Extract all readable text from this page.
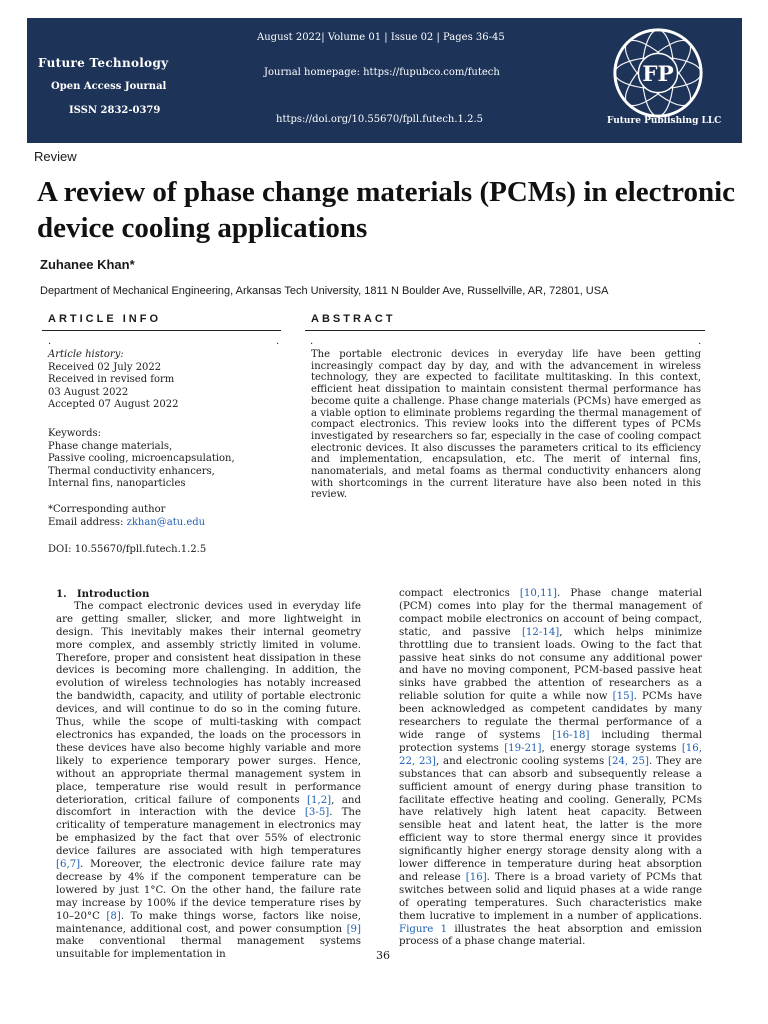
Future Technology
Open Access Journal
ISSN 2832-0379
August 2022| Volume 01 | Issue 02 | Pages 36-45
Journal homepage: https://fupubco.com/futech
https://doi.org/10.55670/fpll.futech.1.2.5
FP
Future Publishing LLC
Review
A review of phase change materials (PCMs) in electronic device cooling applications
Zuhanee Khan*
Department of Mechanical Engineering, Arkansas Tech University, 1811 N Boulder Ave, Russellville, AR, 72801, USA
ARTICLE INFO	ABSTRACT
.	.	.	.
Article history:
Received 02 July 2022
Received in revised form
03 August 2022
Accepted 07 August 2022
Keywords:
Phase change materials,
Passive cooling, microencapsulation,
Thermal conductivity enhancers,
Internal fins, nanoparticles
*Corresponding author
Email address: zkhan@atu.edu
DOI: 10.55670/fpll.futech.1.2.5
The portable electronic devices in everyday life have been getting increasingly compact day by day, and with the advancement in wireless technology, they are expected to facilitate multitasking. In this context, efficient heat dissipation to maintain consistent thermal performance has become quite a challenge. Phase change materials (PCMs) have emerged as a viable option to eliminate problems regarding the thermal management of compact electronics. This review looks into the different types of PCMs investigated by researchers so far, especially in the case of cooling compact electronic devices. It also discusses the parameters critical to its efficiency and implementation, encapsulation, etc. The merit of internal fins, nanomaterials, and metal foams as thermal conductivity enhancers along with shortcomings in the current literature have also been noted in this review.
1. Introduction
The compact electronic devices used in everyday life are getting smaller, slicker, and more lightweight in design. This inevitably makes their internal geometry more complex, and assembly strictly limited in volume. Therefore, proper and consistent heat dissipation in these devices is becoming more challenging. In addition, the evolution of wireless technologies has notably increased the bandwidth, capacity, and utility of portable electronic devices, and will continue to do so in the coming future. Thus, while the scope of multi-tasking with compact electronics has expanded, the loads on the processors in these devices have also become highly variable and more likely to experience temporary power surges. Hence, without an appropriate thermal management system in place, temperature rise would result in performance deterioration, critical failure of components [1,2], and discomfort in interaction with the device [3-5]. The criticality of temperature management in electronics may be emphasized by the fact that over 55% of electronic device failures are associated with high temperatures [6,7]. Moreover, the electronic device failure rate may decrease by 4% if the component temperature can be lowered by just 1°C. On the other hand, the failure rate may increase by 100% if the device temperature rises by 10–20°C [8]. To make things worse, factors like noise, maintenance, additional cost, and power consumption [9] make conventional thermal management systems unsuitable for implementation in
compact electronics [10,11]. Phase change material (PCM) comes into play for the thermal management of compact mobile electronics on account of being compact, static, and passive [12-14], which helps minimize throttling due to transient loads. Owing to the fact that passive heat sinks do not consume any additional power and have no moving component, PCM-based passive heat sinks have grabbed the attention of researchers as a reliable solution for quite a while now [15]. PCMs have been acknowledged as competent candidates by many researchers to regulate the thermal performance of a wide range of systems [16-18] including thermal protection systems [19-21], energy storage systems [16, 22, 23], and electronic cooling systems [24, 25]. They are substances that can absorb and subsequently release a sufficient amount of energy during phase transition to facilitate effective heating and cooling. Generally, PCMs have relatively high latent heat capacity. Between sensible heat and latent heat, the latter is the more efficient way to store thermal energy since it provides significantly higher energy storage density along with a lower difference in temperature during heat absorption and release [16]. There is a broad variety of PCMs that switches between solid and liquid phases at a wide range of operating temperatures. Such characteristics make them lucrative to implement in a number of applications. Figure 1 illustrates the heat absorption and emission process of a phase change material.
36
